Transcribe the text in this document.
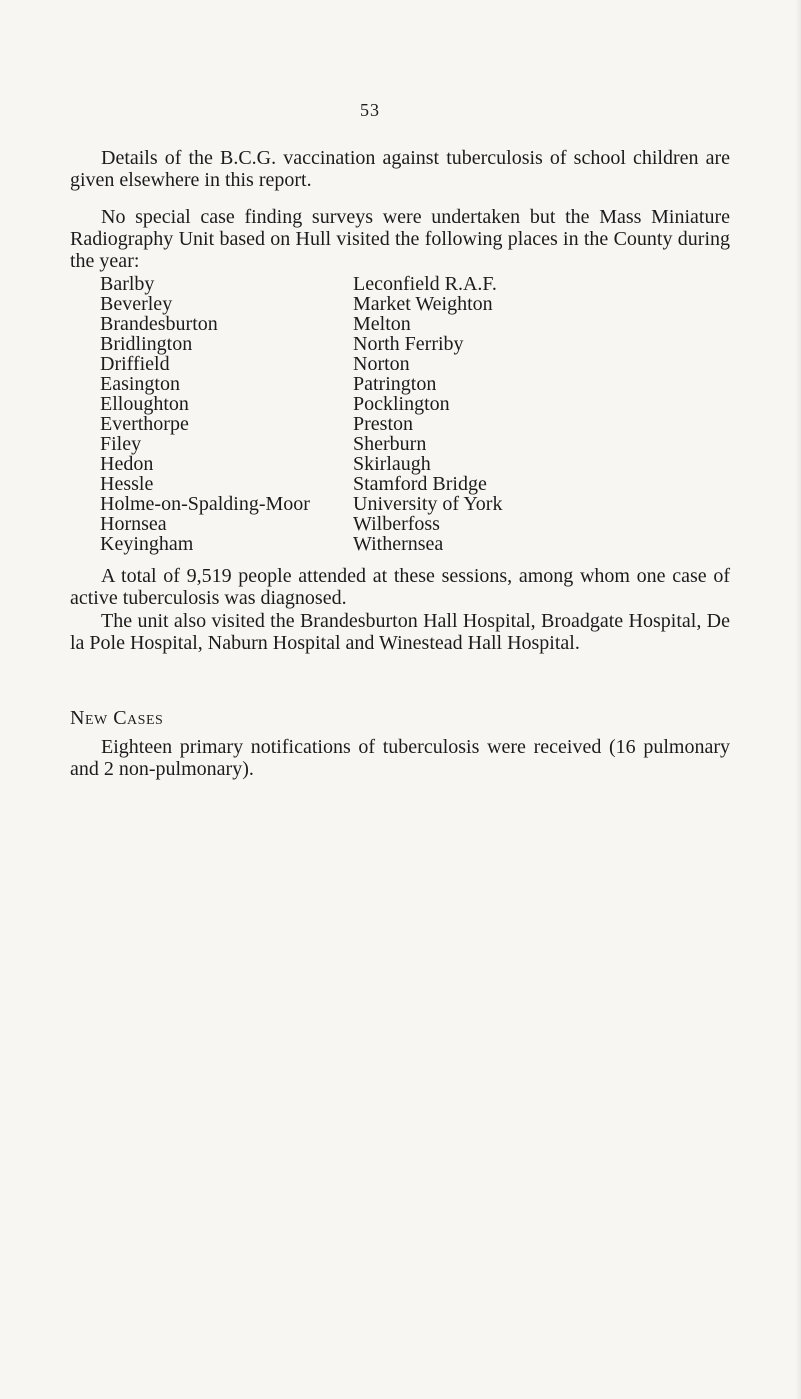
53

Details of the B.C.G. vaccination against tuberculosis of school children are given elsewhere in this report.

No special case finding surveys were undertaken but the Mass Miniature Radiography Unit based on Hull visited the following places in the County during the year:

Barlby
Beverley
Brandesburton
Bridlington
Driffield
Easington
Elloughton
Everthorpe
Filey
Hedon
Hessle
Holme-on-Spalding-Moor
Hornsea
Keyingham
Leconfield R.A.F.
Market Weighton
Melton
North Ferriby
Norton
Patrington
Pocklington
Preston
Sherburn
Skirlaugh
Stamford Bridge
University of York
Wilberfoss
Withernsea

A total of 9,519 people attended at these sessions, among whom one case of active tuberculosis was diagnosed.

The unit also visited the Brandesburton Hall Hospital, Broadgate Hospital, De la Pole Hospital, Naburn Hospital and Winestead Hall Hospital.

New Cases

Eighteen primary notifications of tuberculosis were received (16 pulmonary and 2 non-pulmonary).
